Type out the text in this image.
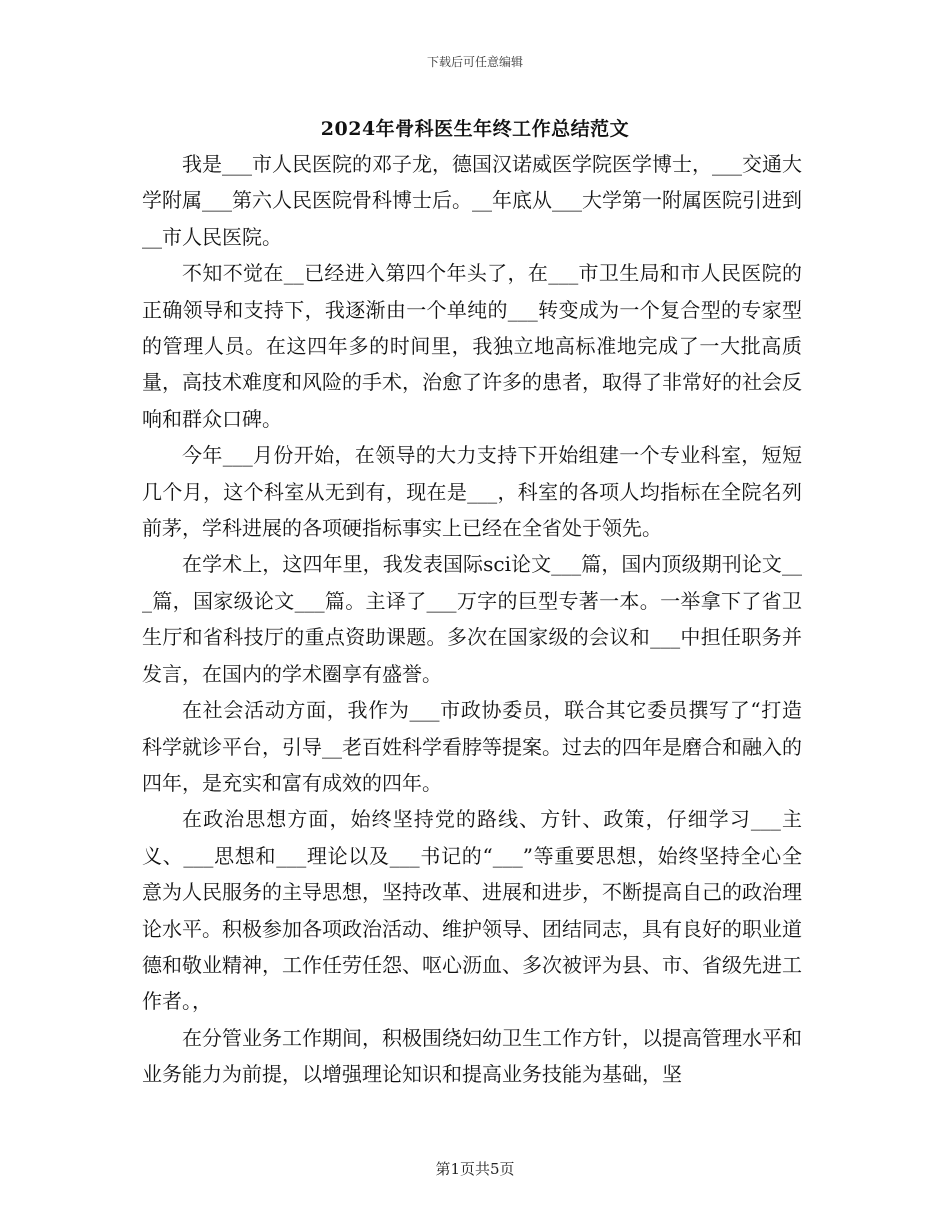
下载后可任意编辑
2024年骨科医生年终工作总结范文

我是___市人民医院的邓子龙，德国汉诺威医学院医学博士，___交通大学附属___第六人民医院骨科博士后。__年底从___大学第一附属医院引进到__市人民医院。

不知不觉在__已经进入第四个年头了，在___市卫生局和市人民医院的正确领导和支持下，我逐渐由一个单纯的___转变成为一个复合型的专家型的管理人员。在这四年多的时间里，我独立地高标准地完成了一大批高质量，高技术难度和风险的手术，治愈了许多的患者，取得了非常好的社会反响和群众口碑。

今年___月份开始，在领导的大力支持下开始组建一个专业科室，短短几个月，这个科室从无到有，现在是___，科室的各项人均指标在全院名列前茅，学科进展的各项硬指标事实上已经在全省处于领先。

在学术上，这四年里，我发表国际sci论文___篇，国内顶级期刊论文___篇，国家级论文___篇。主译了___万字的巨型专著一本。一举拿下了省卫生厅和省科技厅的重点资助课题。多次在国家级的会议和___中担任职务并发言，在国内的学术圈享有盛誉。

在社会活动方面，我作为___市政协委员，联合其它委员撰写了“打造科学就诊平台，引导__老百姓科学看脖等提案。过去的四年是磨合和融入的四年，是充实和富有成效的四年。

在政治思想方面，始终坚持党的路线、方针、政策，仔细学习___主义、___思想和___理论以及___书记的“___”等重要思想，始终坚持全心全意为人民服务的主导思想，坚持改革、进展和进步，不断提高自己的政治理论水平。积极参加各项政治活动、维护领导、团结同志，具有良好的职业道德和敬业精神，工作任劳任怨、呕心沥血、多次被评为县、市、省级先进工作者。，

在分管业务工作期间，积极围绕妇幼卫生工作方针，以提高管理水平和业务能力为前提，以增强理论知识和提高业务技能为基础，坚

第1页共5页
